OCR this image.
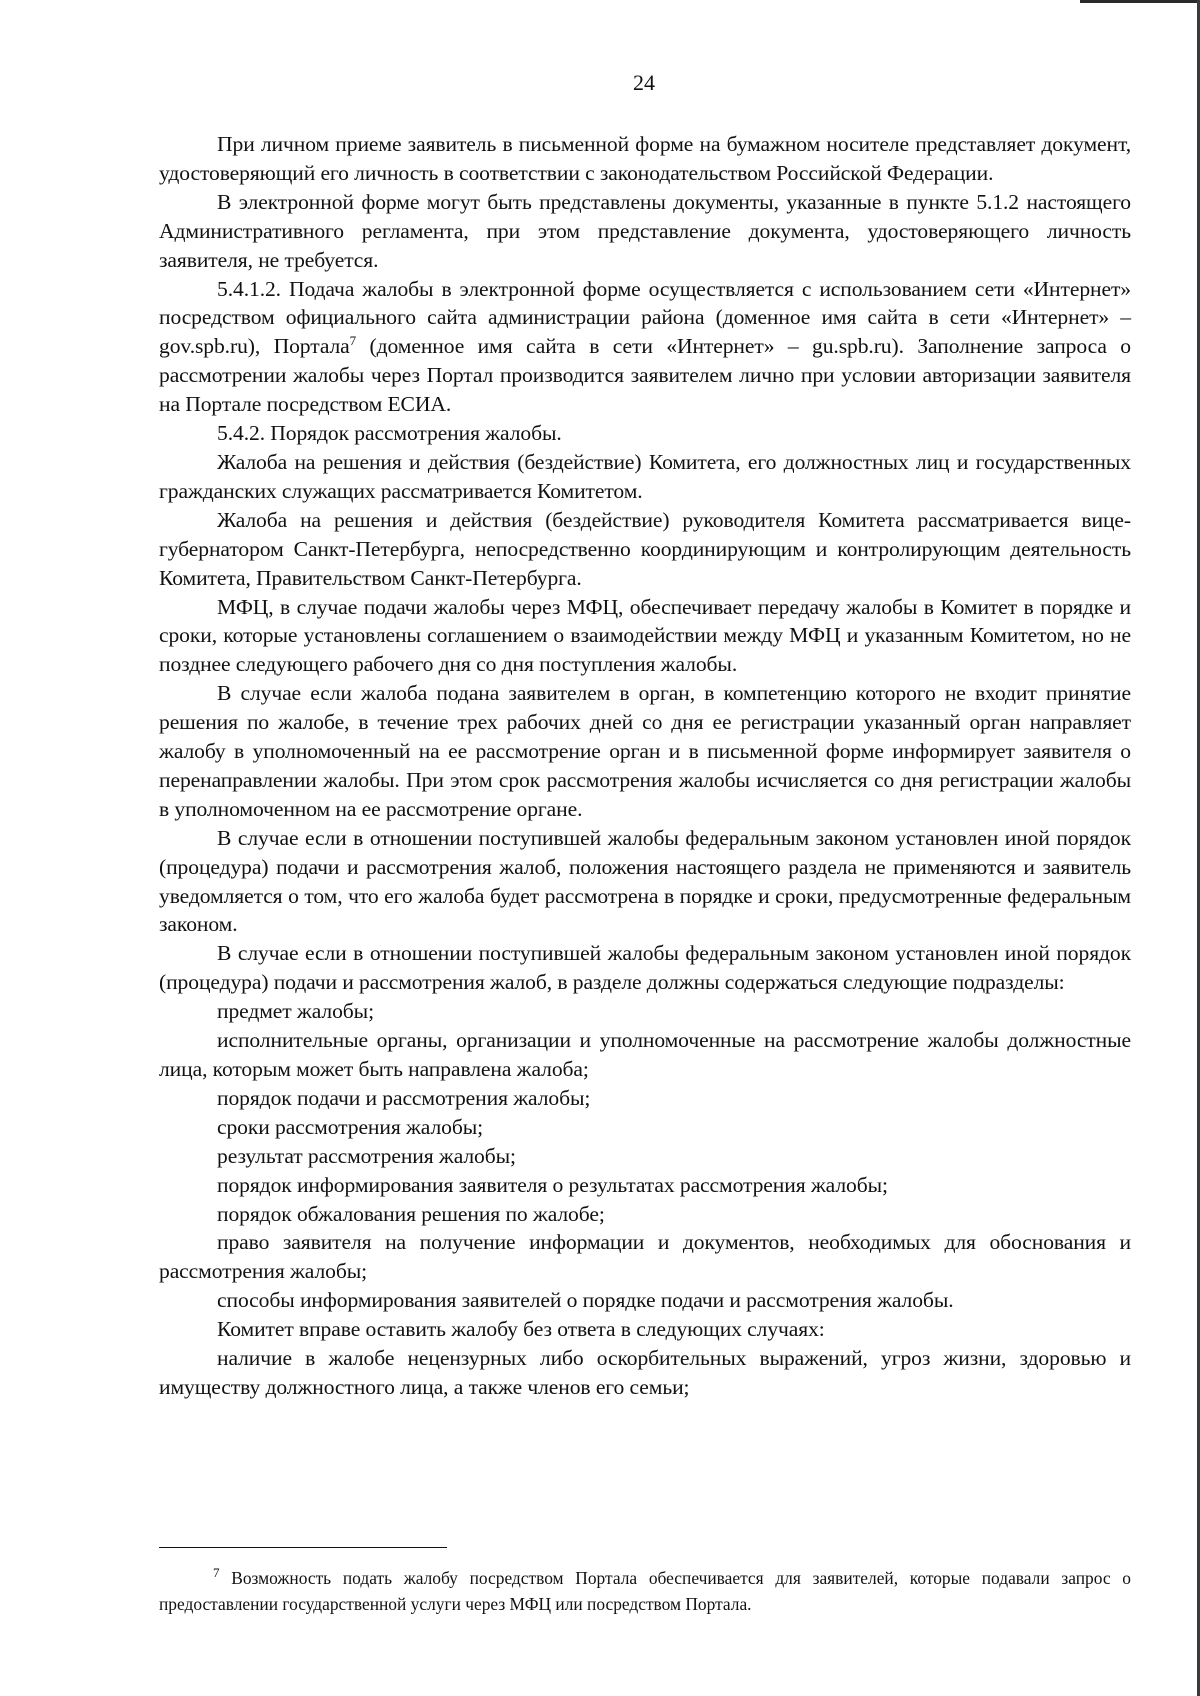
24

При личном приеме заявитель в письменной форме на бумажном носителе представляет документ, удостоверяющий его личность в соответствии с законодательством Российской Федерации.

В электронной форме могут быть представлены документы, указанные в пункте 5.1.2 настоящего Административного регламента, при этом представление документа, удостоверяющего личность заявителя, не требуется.

5.4.1.2. Подача жалобы в электронной форме осуществляется с использованием сети «Интернет» посредством официального сайта администрации района (доменное имя сайта в сети «Интернет» – gov.spb.ru), Портала$^7$ (доменное имя сайта в сети «Интернет» – gu.spb.ru). Заполнение запроса о рассмотрении жалобы через Портал производится заявителем лично при условии авторизации заявителя на Портале посредством ЕСИА.

5.4.2. Порядок рассмотрения жалобы.

Жалоба на решения и действия (бездействие) Комитета, его должностных лиц и государственных гражданских служащих рассматривается Комитетом.

Жалоба на решения и действия (бездействие) руководителя Комитета рассматривается вице-губернатором Санкт-Петербурга, непосредственно координирующим и контролирующим деятельность Комитета, Правительством Санкт-Петербурга.

МФЦ, в случае подачи жалобы через МФЦ, обеспечивает передачу жалобы в Комитет в порядке и сроки, которые установлены соглашением о взаимодействии между МФЦ и указанным Комитетом, но не позднее следующего рабочего дня со дня поступления жалобы.

В случае если жалоба подана заявителем в орган, в компетенцию которого не входит принятие решения по жалобе, в течение трех рабочих дней со дня ее регистрации указанный орган направляет жалобу в уполномоченный на ее рассмотрение орган и в письменной форме информирует заявителя о перенаправлении жалобы. При этом срок рассмотрения жалобы исчисляется со дня регистрации жалобы в уполномоченном на ее рассмотрение органе.

В случае если в отношении поступившей жалобы федеральным законом установлен иной порядок (процедура) подачи и рассмотрения жалоб, положения настоящего раздела не применяются и заявитель уведомляется о том, что его жалоба будет рассмотрена в порядке и сроки, предусмотренные федеральным законом.

В случае если в отношении поступившей жалобы федеральным законом установлен иной порядок (процедура) подачи и рассмотрения жалоб, в разделе должны содержаться следующие подразделы:

предмет жалобы;

исполнительные органы, организации и уполномоченные на рассмотрение жалобы должностные лица, которым может быть направлена жалоба;

порядок подачи и рассмотрения жалобы;

сроки рассмотрения жалобы;

результат рассмотрения жалобы;

порядок информирования заявителя о результатах рассмотрения жалобы;

порядок обжалования решения по жалобе;

право заявителя на получение информации и документов, необходимых для обоснования и рассмотрения жалобы;

способы информирования заявителей о порядке подачи и рассмотрения жалобы.

Комитет вправе оставить жалобу без ответа в следующих случаях:

наличие в жалобе нецензурных либо оскорбительных выражений, угроз жизни, здоровью и имуществу должностного лица, а также членов его семьи;

$^7$ Возможность подать жалобу посредством Портала обеспечивается для заявителей, которые подавали запрос о предоставлении государственной услуги через МФЦ или посредством Портала.
